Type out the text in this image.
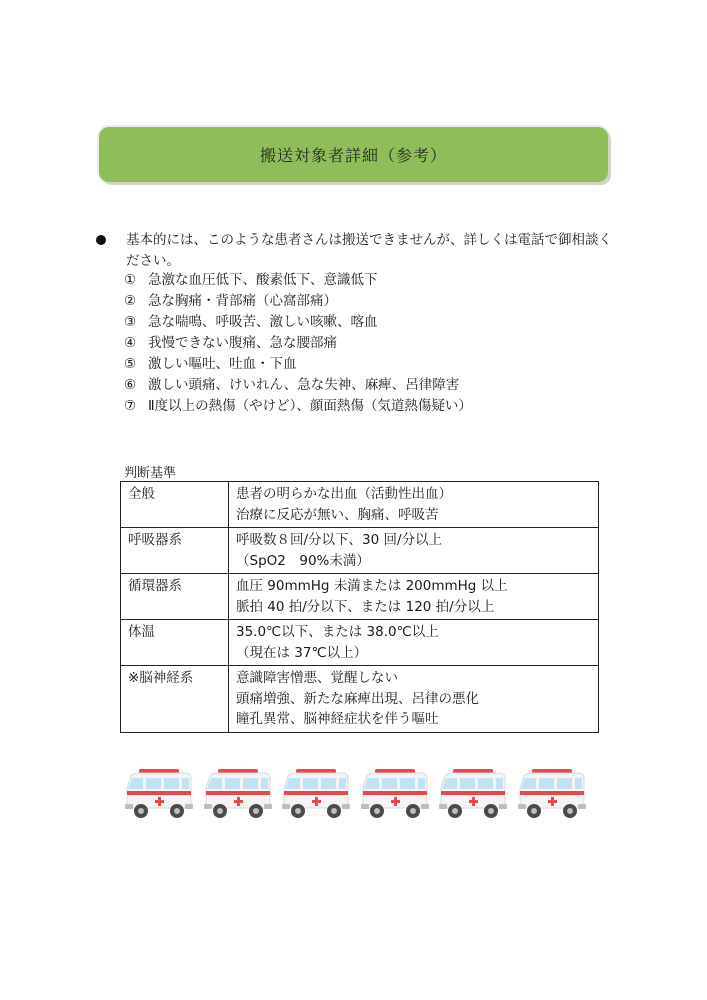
搬送対象者詳細（参考）
基本的には、このような患者さんは搬送できませんが、詳しくは電話で御相談ください。
① 急激な血圧低下、酸素低下、意識低下
② 急な胸痛・背部痛（心窩部痛）
③ 急な喘鳴、呼吸苦、激しい咳嗽、喀血
④ 我慢できない腹痛、急な腰部痛
⑤ 激しい嘔吐、吐血・下血
⑥ 激しい頭痛、けいれん、急な失神、麻痺、呂律障害
⑦ Ⅱ度以上の熱傷（やけど）、顔面熱傷（気道熱傷疑い）
判断基準
全般	患者の明らかな出血（活動性出血）
治療に反応が無い、胸痛、呼吸苦

呼吸器系	呼吸数８回/分以下、30 回/分以上
（SpO2　90%未満）

循環器系	血圧 90mmHg 未満または 200mmHg 以上
脈拍 40 拍/分以下、または 120 拍/分以上

体温	35.0℃以下、または 38.0℃以上
（現在は 37℃以上）

※脳神経系	意識障害憎悪、覚醒しない
頭痛増強、新たな麻痺出現、呂律の悪化
瞳孔異常、脳神経症状を伴う嘔吐
